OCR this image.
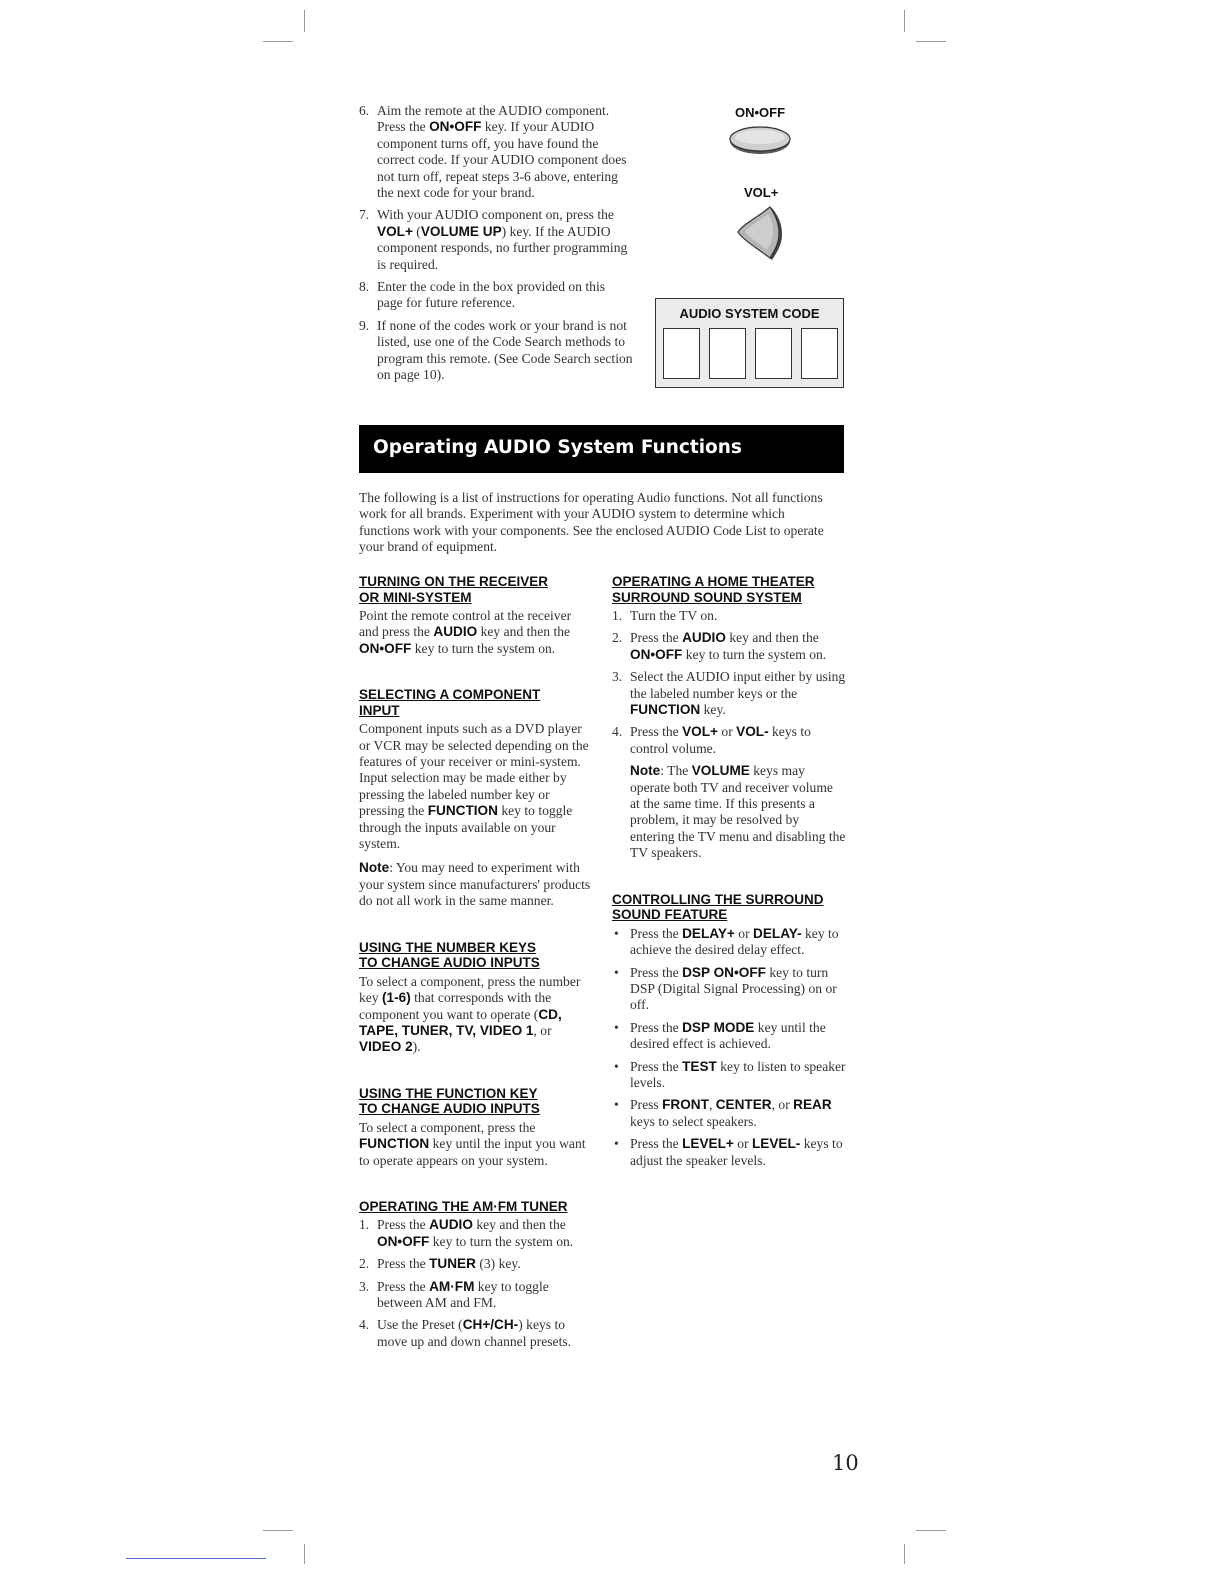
6. Aim the remote at the AUDIO component. Press the ON•OFF key. If your AUDIO component turns off, you have found the correct code. If your AUDIO component does not turn off, repeat steps 3-6 above, entering the next code for your brand.
7. With your AUDIO component on, press the VOL+ (VOLUME UP) key. If the AUDIO component responds, no further programming is required.
8. Enter the code in the box provided on this page for future reference.
9. If none of the codes work or your brand is not listed, use one of the Code Search methods to program this remote. (See Code Search section on page 10).
ON•OFF
VOL+
AUDIO SYSTEM CODE
Operating AUDIO System Functions

The following is a list of instructions for operating Audio functions. Not all functions work for all brands. Experiment with your AUDIO system to determine which functions work with your components. See the enclosed AUDIO Code List to operate your brand of equipment.

TURNING ON THE RECEIVER
OR MINI-SYSTEM
Point the remote control at the receiver and press the AUDIO key and then the ON•OFF key to turn the system on.
SELECTING A COMPONENT
INPUT
Component inputs such as a DVD player or VCR may be selected depending on the features of your receiver or mini-system. Input selection may be made either by pressing the labeled number key or pressing the FUNCTION key to toggle through the inputs available on your system.
Note: You may need to experiment with your system since manufacturers' products do not all work in the same manner.
USING THE NUMBER KEYS
TO CHANGE AUDIO INPUTS
To select a component, press the number key (1-6) that corresponds with the component you want to operate (CD, TAPE, TUNER, TV, VIDEO 1, or VIDEO 2).
USING THE FUNCTION KEY
TO CHANGE AUDIO INPUTS
To select a component, press the FUNCTION key until the input you want to operate appears on your system.
OPERATING THE AM·FM TUNER
1. Press the AUDIO key and then the ON•OFF key to turn the system on.
2. Press the TUNER (3) key.
3. Press the AM·FM key to toggle between AM and FM.
4. Use the Preset (CH+/CH-) keys to move up and down channel presets.
OPERATING A HOME THEATER
SURROUND SOUND SYSTEM
1. Turn the TV on.
2. Press the AUDIO key and then the ON•OFF key to turn the system on.
3. Select the AUDIO input either by using the labeled number keys or the FUNCTION key.
4. Press the VOL+ or VOL- keys to control volume.
Note: The VOLUME keys may operate both TV and receiver volume at the same time. If this presents a problem, it may be resolved by entering the TV menu and disabling the TV speakers.
CONTROLLING THE SURROUND
SOUND FEATURE
• Press the DELAY+ or DELAY- key to achieve the desired delay effect.
• Press the DSP ON•OFF key to turn DSP (Digital Signal Processing) on or off.
• Press the DSP MODE key until the desired effect is achieved.
• Press the TEST key to listen to speaker levels.
• Press FRONT, CENTER, or REAR keys to select speakers.
• Press the LEVEL+ or LEVEL- keys to adjust the speaker levels.
10
